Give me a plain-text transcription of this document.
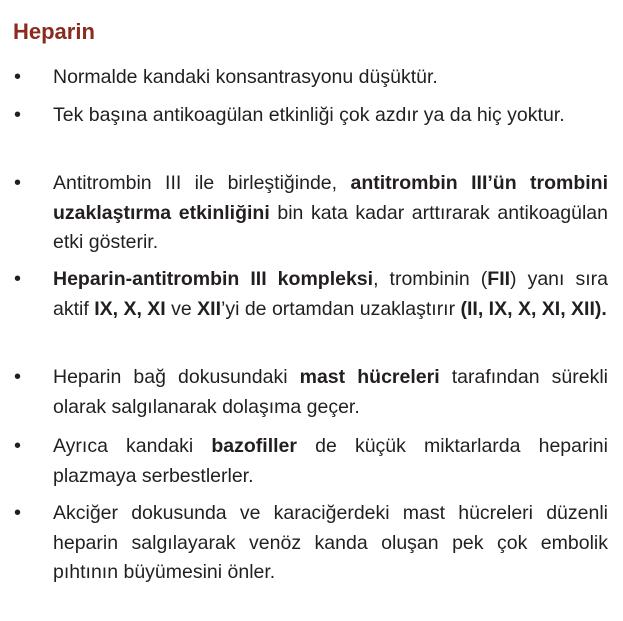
Heparin
• Normalde kandaki konsantrasyonu düşüktür.

• Tek başına antikoagülan etkinliği çok azdır ya da hiç yoktur.

• Antitrombin III ile birleştiğinde, antitrombin III’ün trombini uzaklaştırma etkinliğini bin kata kadar arttırarak antikoagülan etki gösterir.

• Heparin-antitrombin III kompleksi, trombinin (FII) yanı sıra aktif IX, X, XI ve XII’yi de ortamdan uzaklaştırır (II, IX, X, XI, XII).

• Heparin bağ dokusundaki mast hücreleri tarafından sürekli olarak salgılanarak dolaşıma geçer.

• Ayrıca kandaki bazofiller de küçük miktarlarda heparini plazmaya serbestlerler.

• Akciğer dokusunda ve karaciğerdeki mast hücreleri düzenli heparin salgılayarak venöz kanda oluşan pek çok embolik pıhtının büyümesini önler.
